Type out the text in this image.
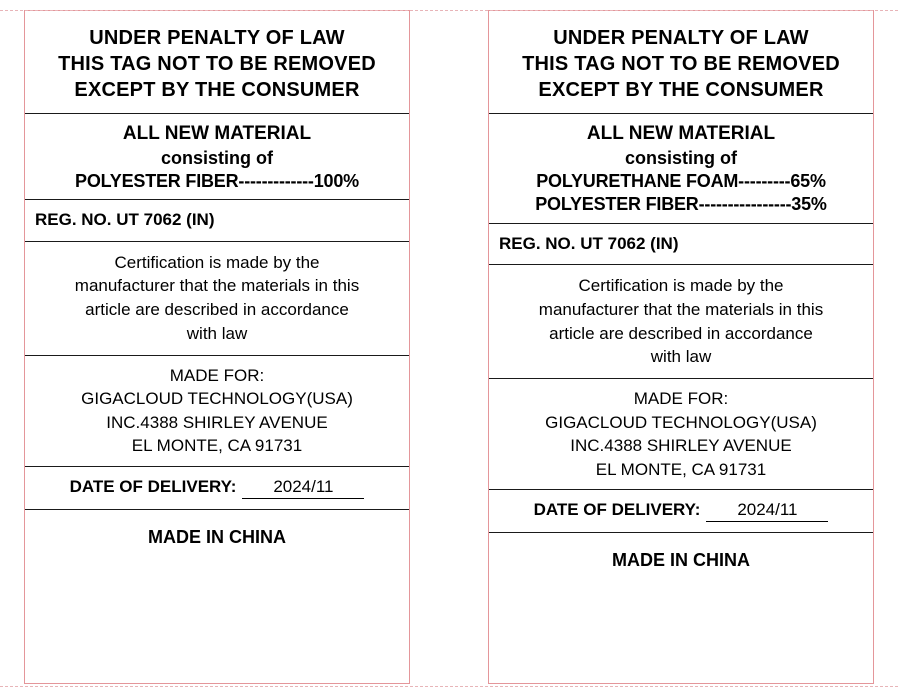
UNDER PENALTY OF LAW
THIS TAG NOT TO BE REMOVED
EXCEPT BY THE CONSUMER
ALL NEW MATERIAL
consisting of
POLYESTER FIBER-------------100%
REG. NO. UT 7062 (IN)
Certification is made by the
manufacturer that the materials in this
article are described in accordance
with law
MADE FOR:
GIGACLOUD TECHNOLOGY(USA)
INC.4388 SHIRLEY AVENUE
EL MONTE, CA 91731
DATE OF DELIVERY:	2024/11
MADE IN CHINA
UNDER PENALTY OF LAW
THIS TAG NOT TO BE REMOVED
EXCEPT BY THE CONSUMER
ALL NEW MATERIAL
consisting of
POLYURETHANE FOAM---------65%
POLYESTER FIBER----------------35%
REG. NO. UT 7062 (IN)
Certification is made by the
manufacturer that the materials in this
article are described in accordance
with law
MADE FOR:
GIGACLOUD TECHNOLOGY(USA)
INC.4388 SHIRLEY AVENUE
EL MONTE, CA 91731
DATE OF DELIVERY:	2024/11
MADE IN CHINA
